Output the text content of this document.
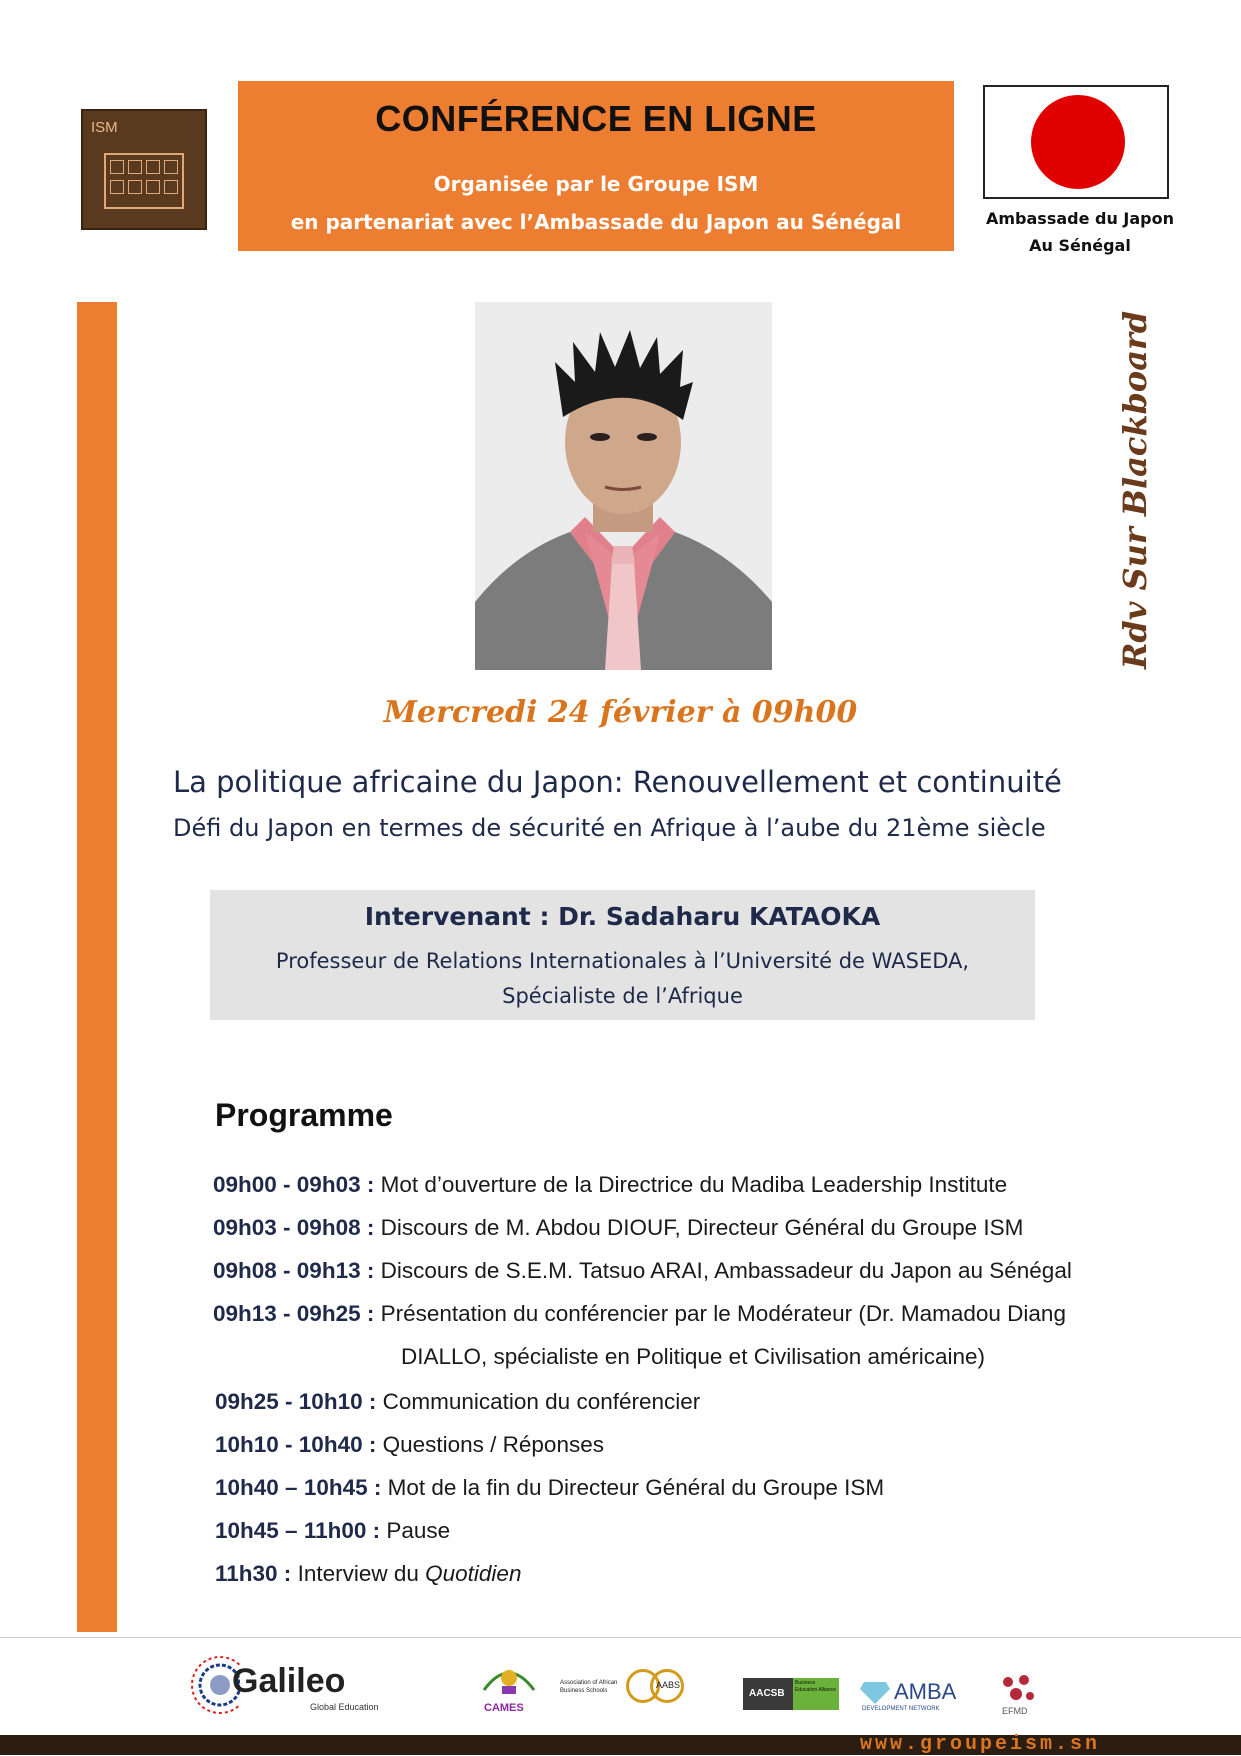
ISM	CONFÉRENCE EN LIGNE
Organisée par le Groupe ISM
en partenariat avec l’Ambassade du Japon au Sénégal	Ambassade du Japon
Au Sénégal
Rdv Sur Blackboard
Mercredi 24 février à 09h00
La politique africaine du Japon: Renouvellement et continuité
Défi du Japon en termes de sécurité en Afrique à l’aube du 21ème siècle
Intervenant : Dr. Sadaharu KATAOKA
Professeur de Relations Internationales à l’Université de WASEDA,
Spécialiste de l’Afrique
Programme
09h00 - 09h03 : Mot d’ouverture de la Directrice du Madiba Leadership Institute
09h03 - 09h08 : Discours de M. Abdou DIOUF, Directeur Général du Groupe ISM
09h08 - 09h13 : Discours de S.E.M. Tatsuo ARAI, Ambassadeur du Japon au Sénégal
09h13 - 09h25 : Présentation du conférencier par le Modérateur (Dr. Mamadou Diang
DIALLO, spécialiste en Politique et Civilisation américaine)
09h25 - 10h10 : Communication du conférencier
10h10 - 10h40 : Questions / Réponses
10h40 – 10h45 : Mot de la fin du Directeur Général du Groupe ISM
10h45 – 11h00 : Pause
11h30 : Interview du Quotidien
Galileo
Global Education	CAMES
Association of African Business Schools
AABS
AACSB
Business Education Alliance	AMBA
DEVELOPMENT NETWORK	EFMD
www.groupeism.sn
